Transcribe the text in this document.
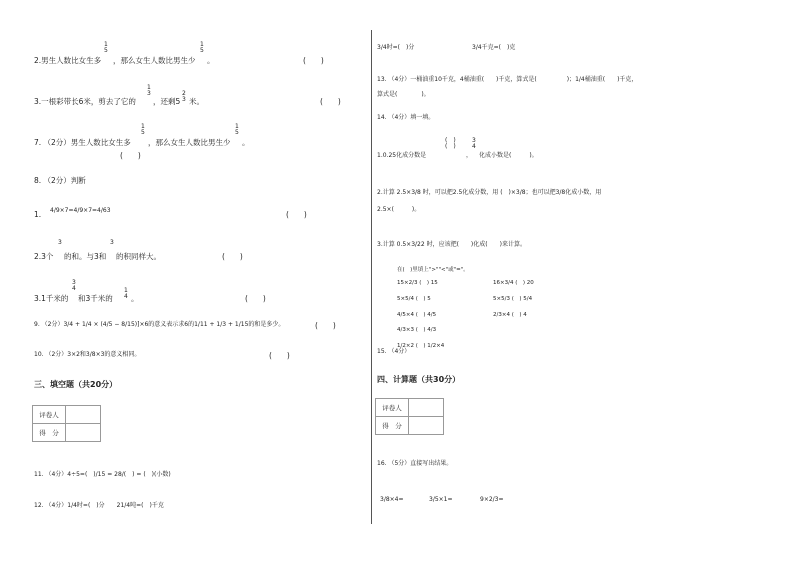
2.男生人数比女生多
1
5
，那么女生人数比男生少
1
5
。	(　　)
3.一根彩带长6米，剪去了它的
1
3
，还剩5
2
3 米。	(　　)
7. （2分）男生人数比女生多
1
5
，那么女生人数比男生少
1
5
。
(　　)
8. （2分）判断
1. 4/9×7=4/9×7=4/63	(　　)
2.3个
3
的和。与3和
3
的积同样大。	(　　)
3.1千米的
3
4
和3千米的
1
4 。	(　　)
9. （2分）3/4 + 1/4 × (4/5 − 8/15)]×6的意义表示求6的1/11 + 1/3 + 1/15的和是多少。	(　　)
10. （2分）3×2和3/8×3的意义相同。	(　　)
三、填空题（共20分）
评卷人	
得　分	
11. （4分）4÷5=(　)/15 = 28/(　) = (　)(小数)
12. （4分）1/4时=(　)分　　21/4吨=(　)千克
3/4时=(　)分	3/4千克=(　)克
13. （4分）一桶油重10千克，4桶油重(　　)千克，算式是(　　　　　)；1/4桶油重(　　)千克，
算式是(　　　　)。
14. （4分）填一填。
1.0.25化成分数是
(　)
(　)
，
3
4
化成小数是(　　　)。
2.计算 2.5×3/8 时，可以把2.5化成分数，用 (　)×3/8；也可以把3/8化成小数，用
2.5×(　　　)。
3.计算 0.5×3/22 时，应该把(　　)化成(　　)来计算。
在(　)里填上">""<"或"="。
15×2/3 (　) 15	16×3/4 (　) 20
5×5/4 (　) 5	5×5/3 (　) 5/4
4/5×4 (　) 4/5	2/3×4 (　) 4
4/3×3 (　) 4/3
1/2×2 (　) 1/2×4
15. （4分）
四、计算题（共30分）
评卷人	
得　分	
16. （5分）直接写出结果。
3/8×4=	3/5×1=	9×2/3=
